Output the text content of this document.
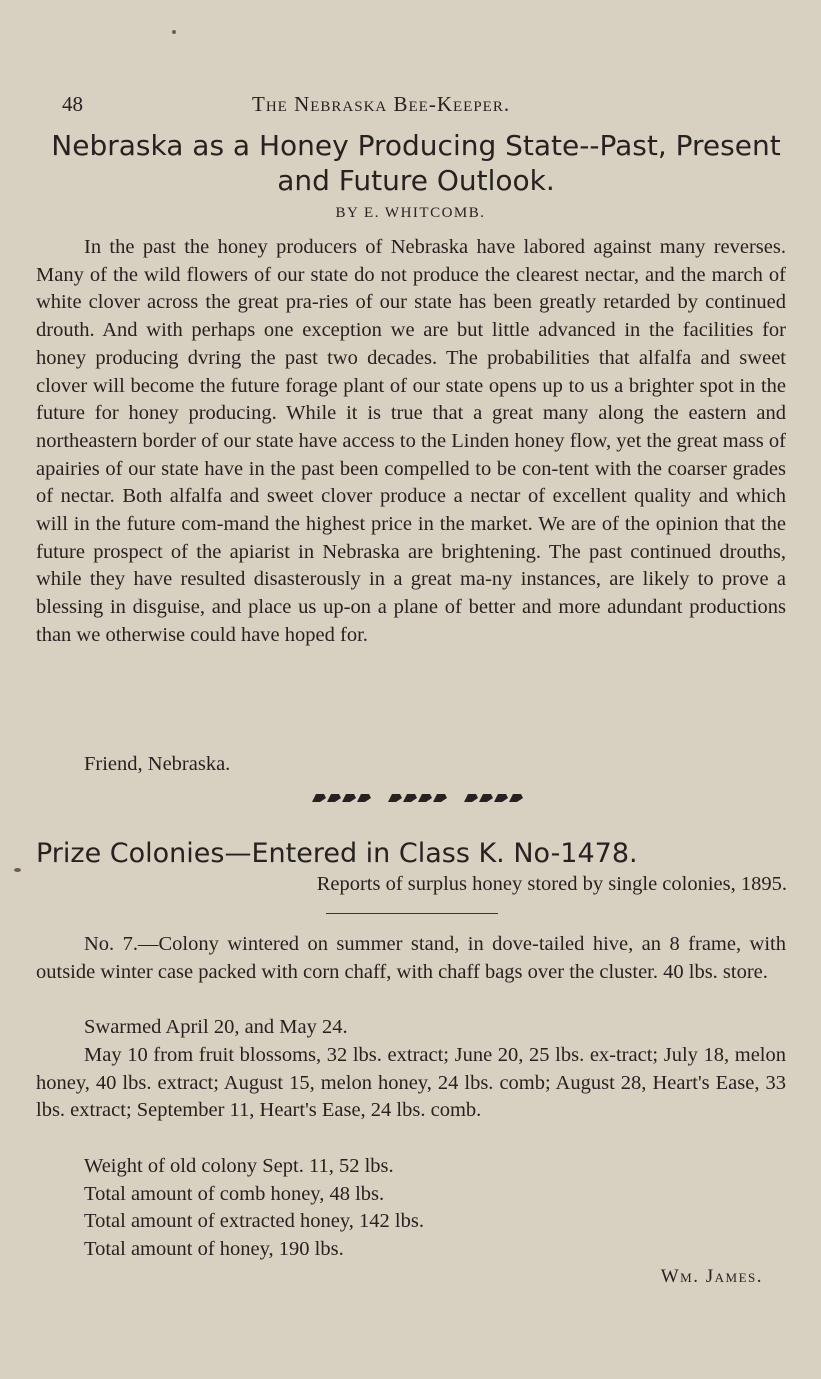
48	The Nebraska Bee-Keeper.
Nebraska as a Honey Producing State--Past, Present
and Future Outlook.
BY E. WHITCOMB.

In the past the honey producers of Nebraska have labored against many reverses. Many of the wild flowers of our state do not produce the clearest nectar, and the march of white clover across the great pra-ries of our state has been greatly retarded by continued drouth. And with perhaps one exception we are but little advanced in the facilities for honey producing dvring the past two decades. The probabilities that alfalfa and sweet clover will become the future forage plant of our state opens up to us a brighter spot in the future for honey producing. While it is true that a great many along the eastern and northeastern border of our state have access to the Linden honey flow, yet the great mass of apairies of our state have in the past been compelled to be con-tent with the coarser grades of nectar. Both alfalfa and sweet clover produce a nectar of excellent quality and which will in the future com-mand the highest price in the market. We are of the opinion that the future prospect of the apiarist in Nebraska are brightening. The past continued drouths, while they have resulted disasterously in a great ma-ny instances, are likely to prove a blessing in disguise, and place us up-on a plane of better and more adundant productions than we otherwise could have hoped for.

Friend, Nebraska.
Prize Colonies—Entered in Class K. No-1478.
Reports of surplus honey stored by single colonies, 1895.

No. 7.—Colony wintered on summer stand, in dove-tailed hive, an 8 frame, with outside winter case packed with corn chaff, with chaff bags over the cluster. 40 lbs. store.

Swarmed April 20, and May 24.

May 10 from fruit blossoms, 32 lbs. extract; June 20, 25 lbs. ex-tract; July 18, melon honey, 40 lbs. extract; August 15, melon honey, 24 lbs. comb; August 28, Heart's Ease, 33 lbs. extract; September 11, Heart's Ease, 24 lbs. comb.

Weight of old colony Sept. 11, 52 lbs.
Total amount of comb honey, 48 lbs.
Total amount of extracted honey, 142 lbs.
Total amount of honey, 190 lbs.
Wm. James.
